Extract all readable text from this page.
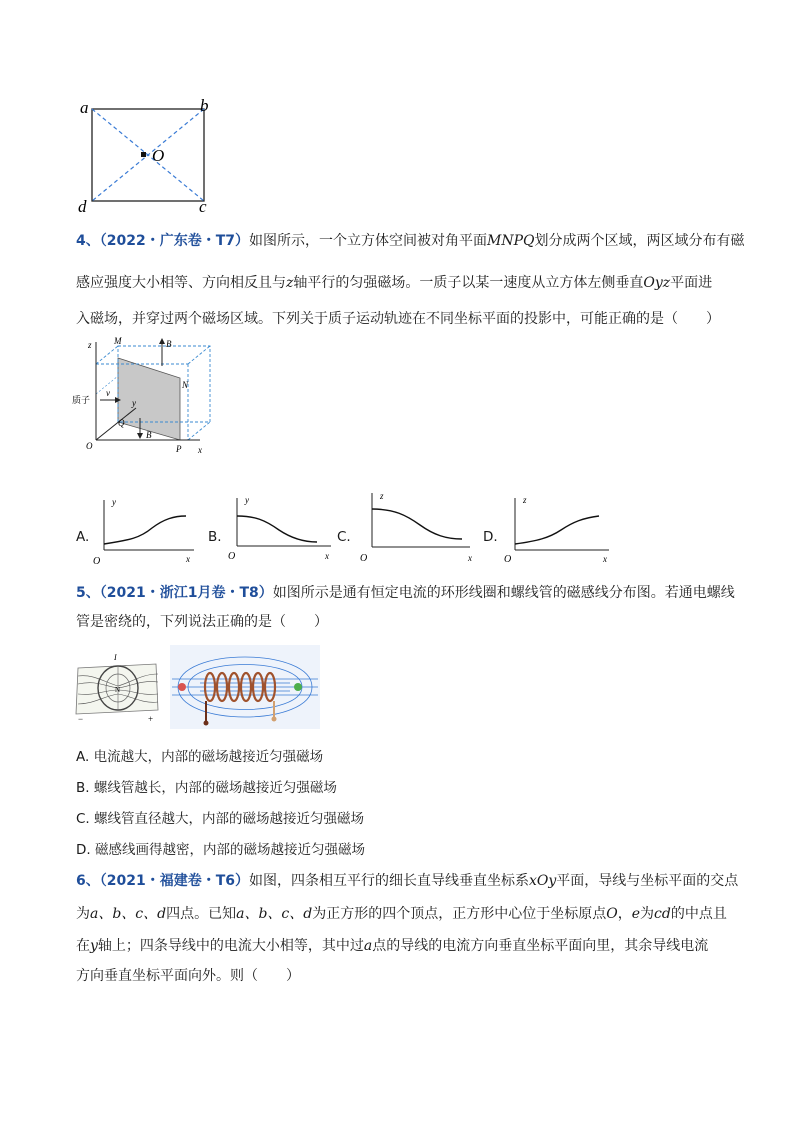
a	b
d	c
O
4、（2022・广东卷・T7）如图所示，一个立方体空间被对角平面MNPQ划分成两个区域，两区域分布有磁
感应强度大小相等、方向相反且与z轴平行的匀强磁场。一质子以某一速度从立方体左侧垂直Oyz平面进
入磁场，并穿过两个磁场区域。下列关于质子运动轨迹在不同坐标平面的投影中，可能正确的是（　　）
z M	B
N
质子
v
y
Q
B
O	P x
A.
y
x
O
B.
y
x
O
C.
z
x
O
D.
z
x
O
5、（2021・浙江1月卷・T8）如图所示是通有恒定电流的环形线圈和螺线管的磁感线分布图。若通电螺线
管是密绕的，下列说法正确的是（　　）
I
N
−	+
A. 电流越大，内部的磁场越接近匀强磁场
B. 螺线管越长，内部的磁场越接近匀强磁场
C. 螺线管直径越大，内部的磁场越接近匀强磁场
D. 磁感线画得越密，内部的磁场越接近匀强磁场
6、（2021・福建卷・T6）如图，四条相互平行的细长直导线垂直坐标系xOy平面，导线与坐标平面的交点
为a、b、c、d四点。已知a、b、c、d为正方形的四个顶点，正方形中心位于坐标原点O，e为cd的中点且
在y轴上；四条导线中的电流大小相等，其中过a点的导线的电流方向垂直坐标平面向里，其余导线电流
方向垂直坐标平面向外。则（　　）
